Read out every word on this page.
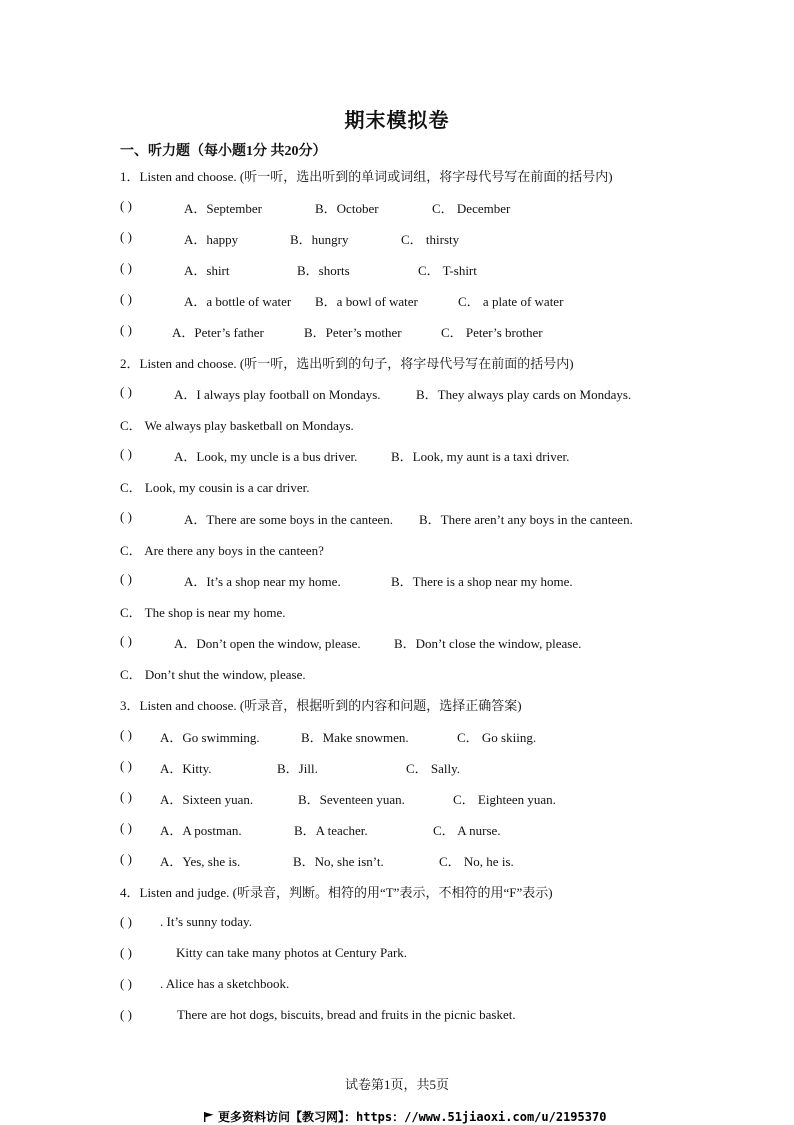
期末模拟卷
一、听力题（每小题1分 共20分）
1．Listen and choose. (听一听，选出听到的单词或词组，将字母代号写在前面的括号内)
( )	A．September	B．October	C． December
( )	A．happy	B．hungry	C． thirsty
( )	A．shirt	B．shorts	C． T-shirt
( )	A．a bottle of water B．a bowl of water	C． a plate of water
( )	A．Peter’s father	B．Peter’s mother	C． Peter’s brother
2．Listen and choose. (听一听，选出听到的句子，将字母代号写在前面的括号内)
( )	A．I always play football on Mondays.	B．They always play cards on Mondays.
C． We always play basketball on Mondays.
( )	A．Look, my uncle is a bus driver.	B．Look, my aunt is a taxi driver.
C． Look, my cousin is a car driver.
( )	A．There are some boys in the canteen. B．There aren’t any boys in the canteen.
C． Are there any boys in the canteen?
( )	A．It’s a shop near my home.	B．There is a shop near my home.
C． The shop is near my home.
( )	A．Don’t open the window, please.	B．Don’t close the window, please.
C． Don’t shut the window, please.
3．Listen and choose. (听录音，根据听到的内容和问题，选择正确答案)
( ) A．Go swimming.	B．Make snowmen.	C． Go skiing.
( ) A．Kitty.	B．Jill.	C． Sally.
( ) A．Sixteen yuan.	B．Seventeen yuan.	C． Eighteen yuan.
( ) A．A postman.	B．A teacher.	C． A nurse.
( ) A．Yes, she is.	B．No, she isn’t.	C． No, he is.
4．Listen and judge. (听录音，判断。相符的用“T”表示，不相符的用“F”表示)
( ) . It’s sunny today.
( )	Kitty can take many photos at Century Park.
( ) . Alice has a sketchbook.
( )	There are hot dogs, biscuits, bread and fruits in the picnic basket.
试卷第1页，共5页
更多资料访问【教习网】：https：//www.51jiaoxi.com/u/2195370
